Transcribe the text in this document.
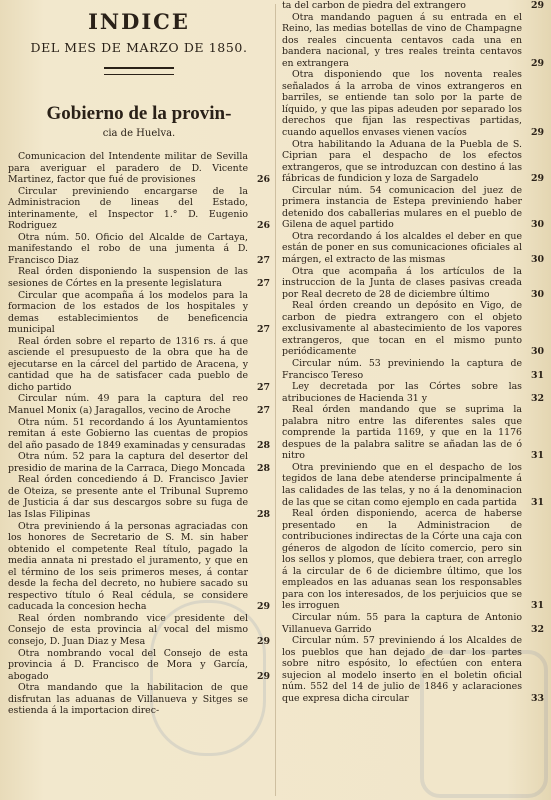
INDICE
DEL MES DE MARZO DE 1850.
Gobierno de la provin-
cia de Huelva.
Comunicacion del Intendente militar de Sevilla para averiguar el paradero de D. Vicente Martinez, factor que fué de provisiones	26
Circular previniendo encargarse de la Administracion de lineas del Estado, interinamente, el Inspector 1.° D. Eugenio Rodriguez	26
Otra núm. 50. Oficio del Alcalde de Cartaya, manifestando el robo de una jumenta á D. Francisco Diaz	27
Real órden disponiendo la suspension de las sesiones de Córtes en la presente legislatura	27
Circular que acompaña á los modelos para la formacion de los estados de los hospitales y demas establecimientos de beneficencia municipal	27
Real órden sobre el reparto de 1316 rs. á que asciende el presupuesto de la obra que ha de ejecutarse en la cárcel del partido de Aracena, y cantidad que ha de satisfacer cada pueblo de dicho partido	27
Circular núm. 49 para la captura del reo Manuel Monix (a) Jaragallos, vecino de Aroche	27
Otra núm. 51 recordando á los Ayuntamientos remitan á este Gobierno las cuentas de propios del año pasado de 1849 examinadas y censuradas	28
Otra núm. 52 para la captura del desertor del presidio de marina de la Carraca, Diego Moncada	28
Real órden concediendo á D. Francisco Javier de Oteiza, se presente ante el Tribunal Supremo de Justicia á dar sus descargos sobre su fuga de las Islas Filipinas	28
Otra previniendo á la personas agraciadas con los honores de Secretario de S. M. sin haber obtenido el competente Real título, pagado la media annata ni prestado el juramento, y que en el término de los seis primeros meses, á contar desde la fecha del decreto, no hubiere sacado su respectivo título ó Real cédula, se considere caducada la concesion hecha	29
Real órden nombrando vice presidente del Consejo de esta provincia al vocal del mismo consejo, D. Juan Diaz y Mesa	29
Otra nombrando vocal del Consejo de esta provincia á D. Francisco de Mora y García, abogado	29
Otra mandando que la habilitacion de que disfrutan las aduanas de Villanueva y Sitges se estienda á la importacion direc-
ta del carbon de piedra del extrangero	29
Otra mandando paguen á su entrada en el Reino, las medias botellas de vino de Champagne dos reales cincuenta centavos cada una en bandera nacional, y tres reales treinta centavos en extrangera	29
Otra disponiendo que los noventa reales señalados á la arroba de vinos extrangeros en barriles, se entiende tan solo por la parte de líquido, y que las pipas adeuden por separado los derechos que fijan las respectivas partidas, cuando aquellos envases vienen vacíos	29
Otra habilitando la Aduana de la Puebla de S. Ciprian para el despacho de los efectos extrangeros, que se introduzcan con destino á las fábricas de fundicion y loza de Sargadelo	29
Circular núm. 54 comunicacion del juez de primera instancia de Estepa previniendo haber detenido dos caballerias mulares en el pueblo de Gilena de aquel partido	30
Otra recordando á los alcaldes el deber en que están de poner en sus comunicaciones oficiales al márgen, el extracto de las mismas	30
Otra que acompaña á los artículos de la instruccion de la Junta de clases pasivas creada por Real decreto de 28 de diciembre último	30
Real órden creando un depósito en Vigo, de carbon de piedra extrangero con el objeto exclusivamente al abastecimiento de los vapores extrangeros, que tocan en el mismo punto periódicamente	30
Circular núm. 53 previniendo la captura de Francisco Tereso	31
Ley decretada por las Córtes sobre las atribuciones de Hacienda 31 y	32
Real órden mandando que se suprima la palabra nitro entre las diferentes sales que comprende la partida 1169, y que en la 1176 despues de la palabra salitre se añadan las de ó nitro	31
Otra previniendo que en el despacho de los tegidos de lana debe atenderse principalmente á las calidades de las telas, y no á la denominacion de las que se citan como ejemplo en cada partida	31
Real órden disponiendo, acerca de haberse presentado en la Administracion de contribuciones indirectas de la Córte una caja con géneros de algodon de lícito comercio, pero sin los sellos y plomos, que debiera traer, con arreglo á la circular de 6 de diciembre último, que los empleados en las aduanas sean los responsables para con los interesados, de los perjuicios que se les irroguen	31
Circular núm. 55 para la captura de Antonio Villanueva Garrido	32
Circular núm. 57 previniendo á los Alcaldes de los pueblos que han dejado de dar los partes sobre nitro espósito, lo efectúen con entera sujecion al modelo inserto en el boletin oficial núm. 552 del 14 de julio de 1846 y aclaraciones que expresa dicha circular	33
